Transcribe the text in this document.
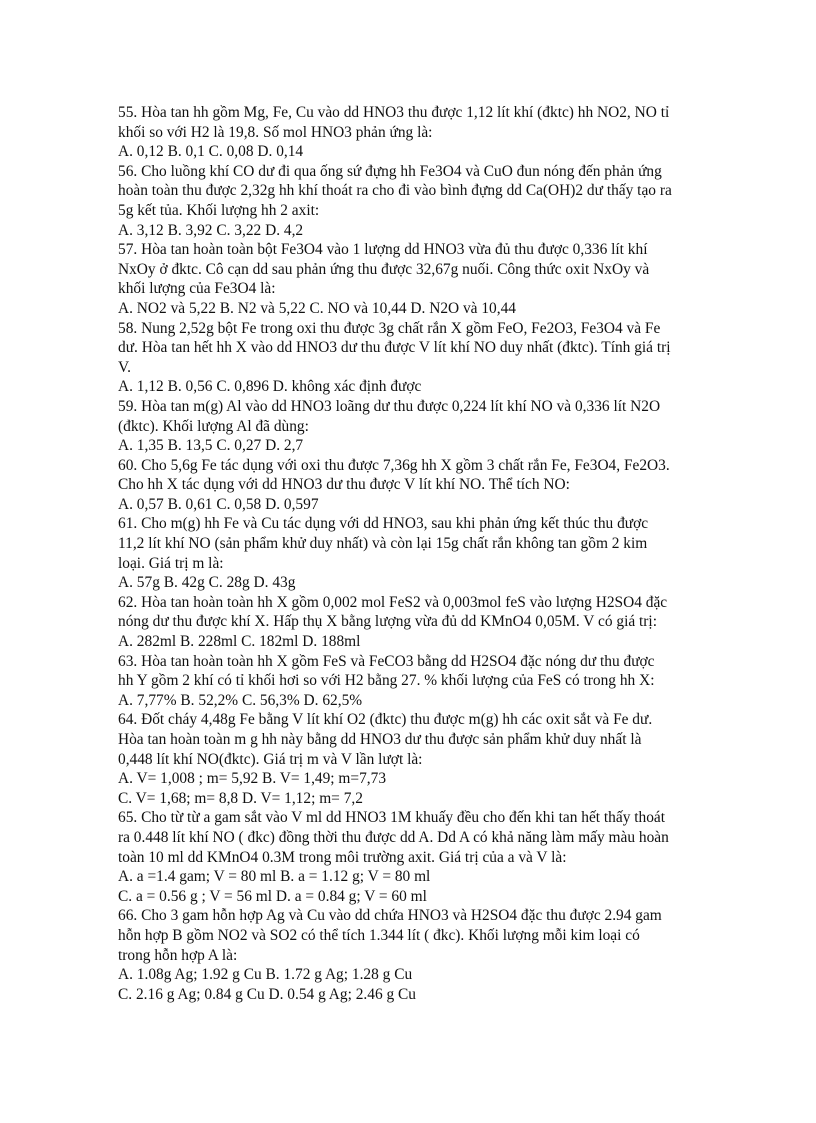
55. Hòa tan hh gồm Mg, Fe, Cu vào dd HNO3 thu được 1,12 lít khí (đktc) hh NO2, NO tỉ
khối so với H2 là 19,8. Số mol HNO3 phản ứng là:
A. 0,12 B. 0,1 C. 0,08 D. 0,14
56. Cho luồng khí CO dư đi qua ống sứ đựng hh Fe3O4 và CuO đun nóng đến phản ứng
hoàn toàn thu được 2,32g hh khí thoát ra cho đi vào bình đựng dd Ca(OH)2 dư thấy tạo ra
5g kết tủa. Khối lượng hh 2 axit:
A. 3,12 B. 3,92 C. 3,22 D. 4,2
57. Hòa tan hoàn toàn bột Fe3O4 vào 1 lượng dd HNO3 vừa đủ thu được 0,336 lít khí
NxOy ở đktc. Cô cạn dd sau phản ứng thu được 32,67g nuối. Công thức oxit NxOy và
khối lượng của Fe3O4 là:
A. NO2 và 5,22 B. N2 và 5,22 C. NO và 10,44 D. N2O và 10,44
58. Nung 2,52g bột Fe trong oxi thu được 3g chất rắn X gồm FeO, Fe2O3, Fe3O4 và Fe
dư. Hòa tan hết hh X vào dd HNO3 dư thu được V lít khí NO duy nhất (đktc). Tính giá trị
V.
A. 1,12 B. 0,56 C. 0,896 D. không xác định được
59. Hòa tan m(g) Al vào dd HNO3 loãng dư thu được 0,224 lít khí NO và 0,336 lít N2O
(đktc). Khối lượng Al đã dùng:
A. 1,35 B. 13,5 C. 0,27 D. 2,7
60. Cho 5,6g Fe tác dụng với oxi thu được 7,36g hh X gồm 3 chất rắn Fe, Fe3O4, Fe2O3.
Cho hh X tác dụng với dd HNO3 dư thu được V lít khí NO. Thể tích NO:
A. 0,57 B. 0,61 C. 0,58 D. 0,597
61. Cho m(g) hh Fe và Cu tác dụng với dd HNO3, sau khi phản ứng kết thúc thu được
11,2 lít khí NO (sản phẩm khử duy nhất) và còn lại 15g chất rắn không tan gồm 2 kim
loại. Giá trị m là:
A. 57g B. 42g C. 28g D. 43g
62. Hòa tan hoàn toàn hh X gồm 0,002 mol FeS2 và 0,003mol feS vào lượng H2SO4 đặc
nóng dư thu được khí X. Hấp thụ X bằng lượng vừa đủ dd KMnO4 0,05M. V có giá trị:
A. 282ml B. 228ml C. 182ml D. 188ml
63. Hòa tan hoàn toàn hh X gồm FeS và FeCO3 bằng dd H2SO4 đặc nóng dư thu được
hh Y gồm 2 khí có tỉ khối hơi so với H2 bằng 27. % khối lượng của FeS có trong hh X:
A. 7,77% B. 52,2% C. 56,3% D. 62,5%
64. Đốt cháy 4,48g Fe bằng V lít khí O2 (đktc) thu được m(g) hh các oxit sắt và Fe dư.
Hòa tan hoàn toàn m g hh này bằng dd HNO3 dư thu được sản phẩm khử duy nhất là
0,448 lít khí NO(đktc). Giá trị m và V lần lượt là:
A. V= 1,008 ; m= 5,92 B. V= 1,49; m=7,73
C. V= 1,68; m= 8,8 D. V= 1,12; m= 7,2
65. Cho từ từ a gam sắt vào V ml dd HNO3 1M khuấy đều cho đến khi tan hết thấy thoát
ra 0.448 lít khí NO ( đkc) đồng thời thu được dd A. Dd A có khả năng làm mấy màu hoàn
toàn 10 ml dd KMnO4 0.3M trong môi trường axit. Giá trị của a và V là:
A. a =1.4 gam; V = 80 ml B. a = 1.12 g; V = 80 ml
C. a = 0.56 g ; V = 56 ml D. a = 0.84 g; V = 60 ml
66. Cho 3 gam hỗn hợp Ag và Cu vào dd chứa HNO3 và H2SO4 đặc thu được 2.94 gam
hỗn hợp B gồm NO2 và SO2 có thể tích 1.344 lít ( đkc). Khối lượng mỗi kim loại có
trong hỗn hợp A là:
A. 1.08g Ag; 1.92 g Cu B. 1.72 g Ag; 1.28 g Cu
C. 2.16 g Ag; 0.84 g Cu D. 0.54 g Ag; 2.46 g Cu
